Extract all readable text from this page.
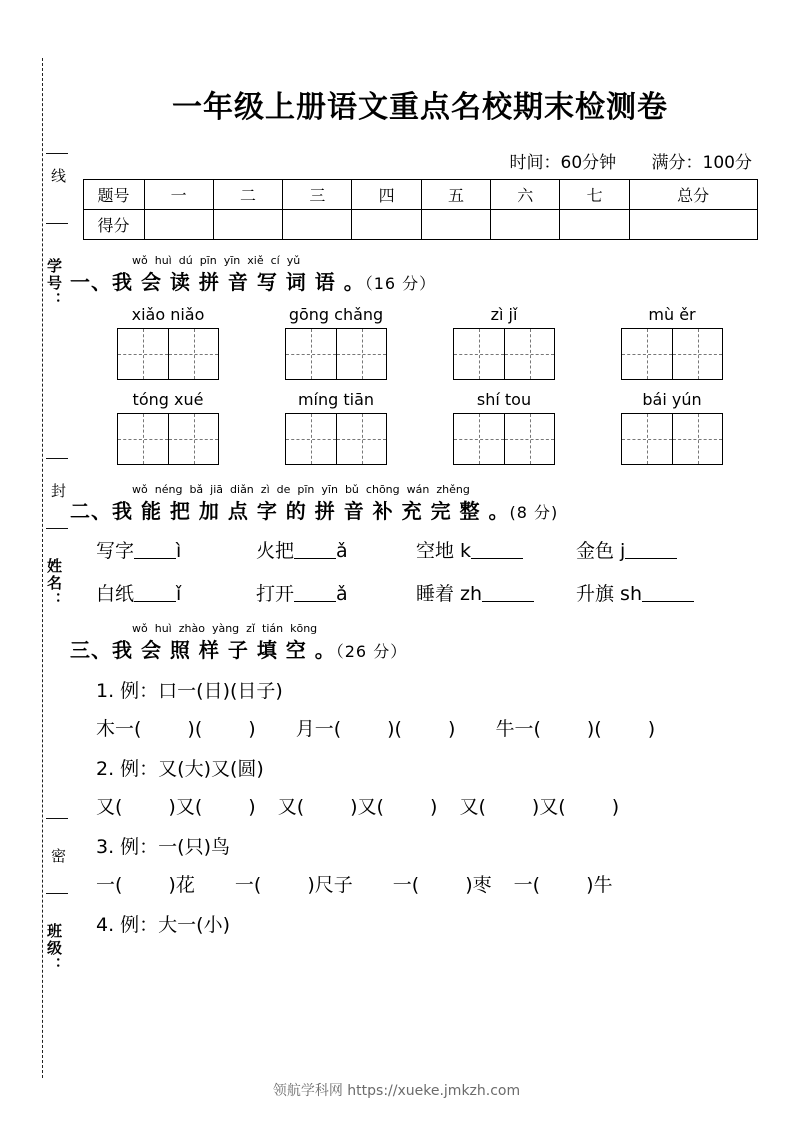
线
学号：
封
姓名：
密
班级：
一年级上册语文重点名校期末检测卷
时间：60分钟 满分：100分
题号	一	二	三	四	五	六	七	总分
得分								
wǒ huì dú pīn yīn xiě cí yǔ
一、我 会 读 拼 音 写 词 语 。（16 分）
xiǎo niǎo	gōng chǎng	zì jǐ	mù ěr
tóng xué	míng tiān	shí tou	bái yún
wǒ néng bǎ jiā diǎn zì de pīn yīn bǔ chōng wán zhěng
二、我 能 把 加 点 字 的 拼 音 补 充 完 整 。(8 分)
写字 ì	火把 ǎ	空地 k	金色 j
白纸 ǐ	打开 ǎ	睡着 zh	升旗 sh
wǒ huì zhào yàng zǐ tián kōng
三、我 会 照 样 子 填 空 。（26 分）
1. 例：口一(日)(日子)
木一( )( ) 月一( )( ) 牛一( )( )
2. 例：又(大)又(圆)
又( )又( ) 又( )又( ) 又( )又( )
3. 例：一(只)鸟
一( )花 一( )尺子 一( )枣 一( )牛
4. 例：大一(小)
领航学科网 https://xueke.jmkzh.com
